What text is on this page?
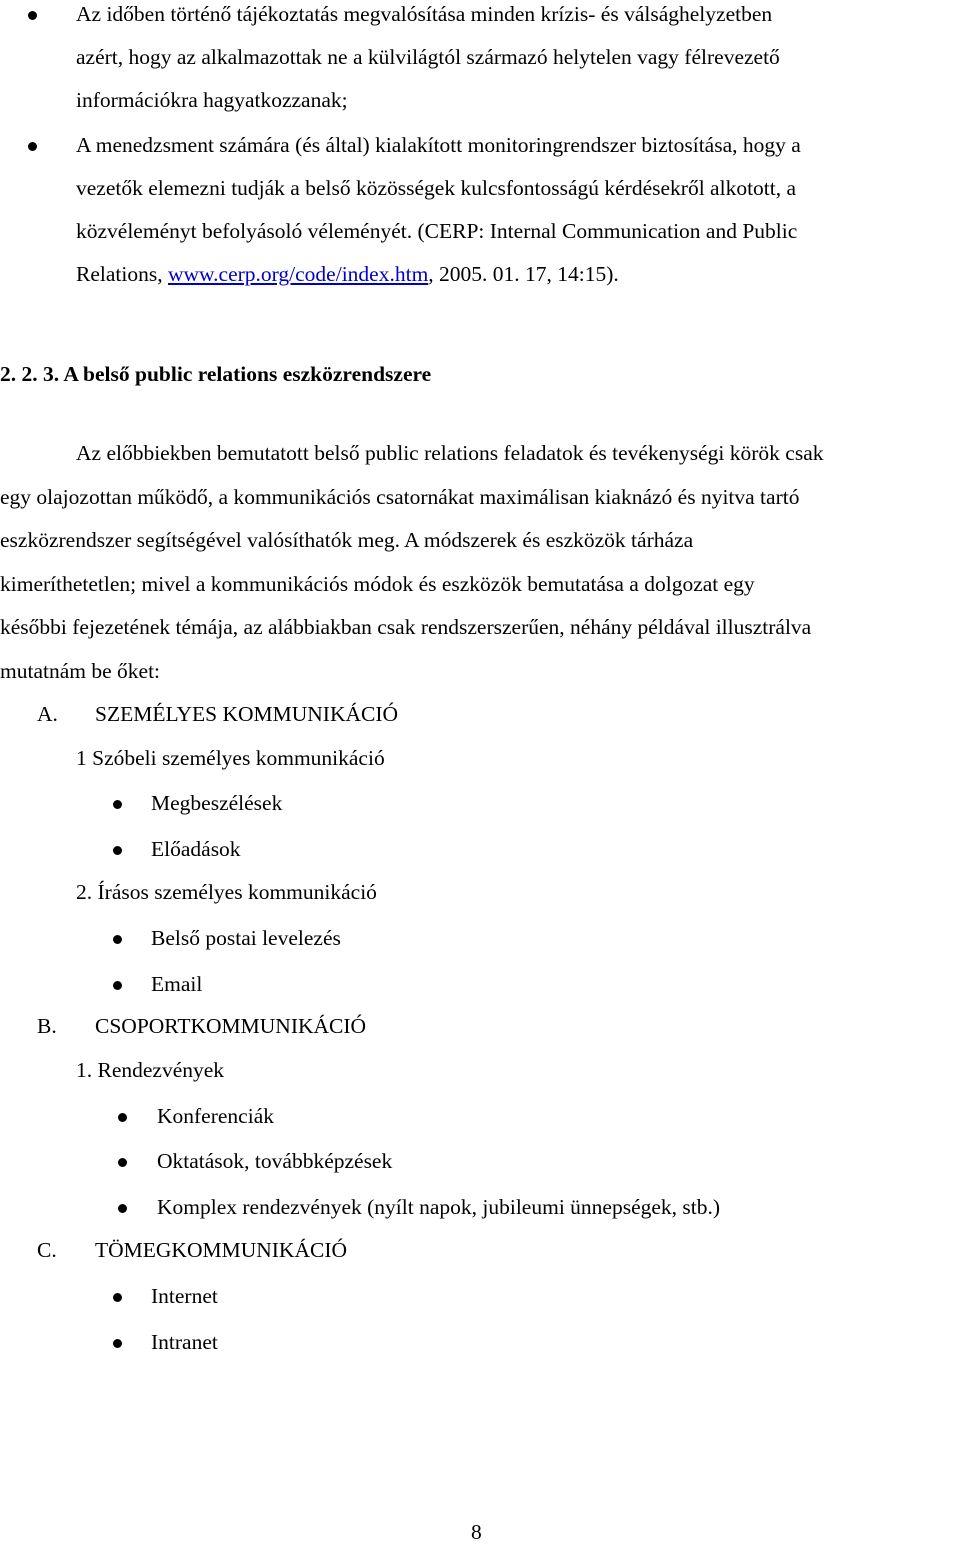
Az időben történő tájékoztatás megvalósítása minden krízis- és válsághelyzetben
azért, hogy az alkalmazottak ne a külvilágtól származó helytelen vagy félrevezető
információkra hagyatkozzanak;
A menedzsment számára (és által) kialakított monitoringrendszer biztosítása, hogy a
vezetők elemezni tudják a belső közösségek kulcsfontosságú kérdésekről alkotott, a
közvéleményt befolyásoló véleményét. (CERP: Internal Communication and Public
Relations, www.cerp.org/code/index.htm, 2005. 01. 17, 14:15).
2. 2. 3. A belső public relations eszközrendszere
Az előbbiekben bemutatott belső public relations feladatok és tevékenységi körök csak
egy olajozottan működő, a kommunikációs csatornákat maximálisan kiaknázó és nyitva tartó
eszközrendszer segítségével valósíthatók meg. A módszerek és eszközök tárháza
kimeríthetetlen; mivel a kommunikációs módok és eszközök bemutatása a dolgozat egy
későbbi fejezetének témája, az alábbiakban csak rendszerszerűen, néhány példával illusztrálva
mutatnám be őket:
A. SZEMÉLYES KOMMUNIKÁCIÓ
1 Szóbeli személyes kommunikáció
Megbeszélések
Előadások
2. Írásos személyes kommunikáció
Belső postai levelezés
Email
B. CSOPORTKOMMUNIKÁCIÓ
1. Rendezvények
Konferenciák
Oktatások, továbbképzések
Komplex rendezvények (nyílt napok, jubileumi ünnepségek, stb.)
C. TÖMEGKOMMUNIKÁCIÓ
Internet
Intranet
8
